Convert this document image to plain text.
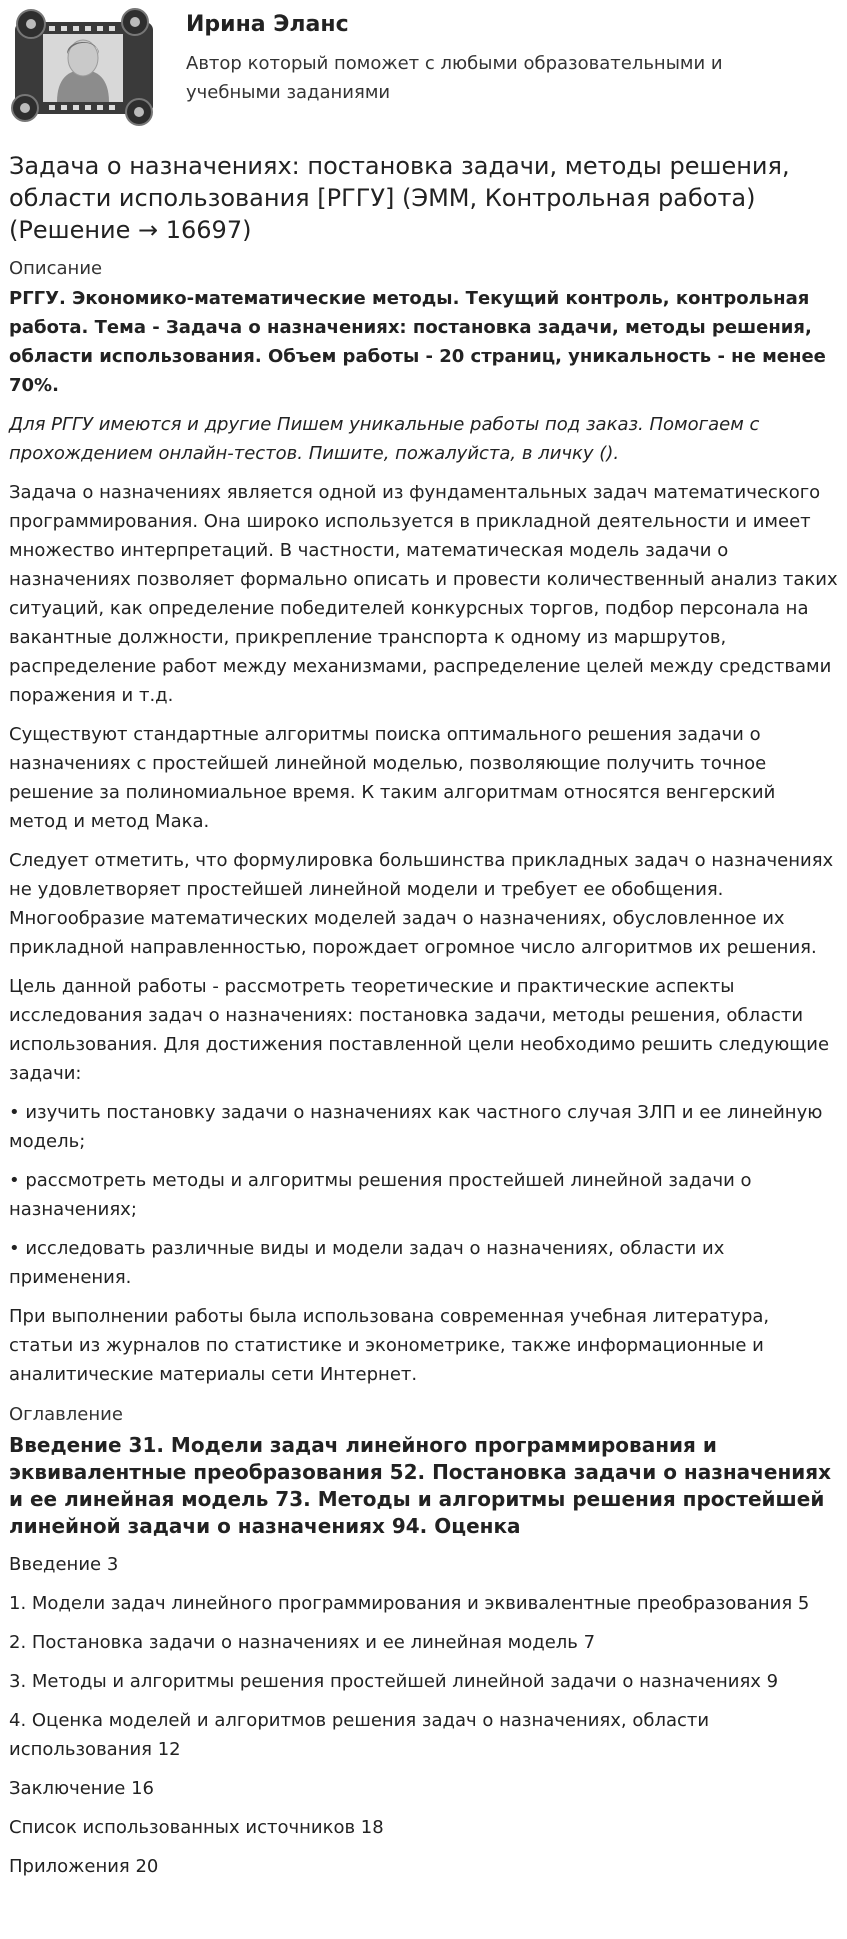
Ирина Эланс
Автор который поможет с любыми образовательными и учебными заданиями
Задача о назначениях: постановка задачи, методы решения, области использования [РГГУ] (ЭММ, Контрольная работа) (Решение → 16697)
Описание

РГГУ. Экономико-математические методы. Текущий контроль, контрольная работа. Тема - Задача о назначениях: постановка задачи, методы решения, области использования. Объем работы - 20 страниц, уникальность - не менее 70%.

Для РГГУ имеются и другие Пишем уникальные работы под заказ. Помогаем с прохождением онлайн-тестов. Пишите, пожалуйста, в личку ().

Задача о назначениях является одной из фундаментальных задач математического программирования. Она широко используется в прикладной деятельности и имеет множество интерпретаций. В частности, математическая модель задачи о назначениях позволяет формально описать и провести количественный анализ таких ситуаций, как определение победителей конкурсных торгов, подбор персонала на вакантные должности, прикрепление транспорта к одному из маршрутов, распределение работ между механизмами, распределение целей между средствами поражения и т.д.

Существуют стандартные алгоритмы поиска оптимального решения задачи о назначениях с простейшей линейной моделью, позволяющие получить точное решение за полиномиальное время. К таким алгоритмам относятся венгерский метод и метод Мака.

Следует отметить, что формулировка большинства прикладных задач о назначениях не удовлетворяет простейшей линейной модели и требует ее обобщения. Многообразие математических моделей задач о назначениях, обусловленное их прикладной направленностью, порождает огромное число алгоритмов их решения.

Цель данной работы - рассмотреть теоретические и практические аспекты исследования задач о назначениях: постановка задачи, методы решения, области использования. Для достижения поставленной цели необходимо решить следующие задачи:

• изучить постановку задачи о назначениях как частного случая ЗЛП и ее линейную модель;

• рассмотреть методы и алгоритмы решения простейшей линейной задачи о назначениях;

• исследовать различные виды и модели задач о назначениях, области их применения.

При выполнении работы была использована современная учебная литература, статьи из журналов по статистике и эконометрике, также информационные и аналитические материалы сети Интернет.

Оглавление
Введение 31. Модели задач линейного программирования и эквивалентные преобразования 52. Постановка задачи о назначениях и ее линейная модель 73. Методы и алгоритмы решения простейшей линейной задачи о назначениях 94. Оценка

Введение 3

1. Модели задач линейного программирования и эквивалентные преобразования 5

2. Постановка задачи о назначениях и ее линейная модель 7

3. Методы и алгоритмы решения простейшей линейной задачи о назначениях 9

4. Оценка моделей и алгоритмов решения задач о назначениях, области использования 12

Заключение 16

Список использованных источников 18

Приложения 20
